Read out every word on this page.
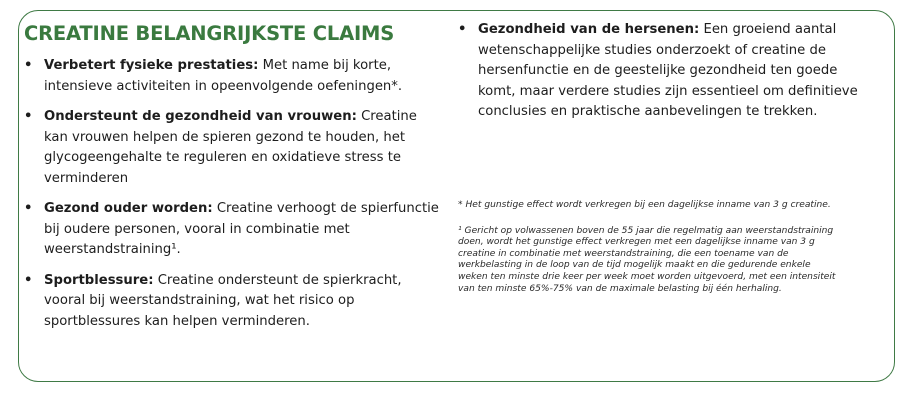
CREATINE BELANGRIJKSTE CLAIMS
• Verbetert fysieke prestaties: Met name bij korte, intensieve activiteiten in opeenvolgende oefeningen*.
• Ondersteunt de gezondheid van vrouwen: Creatine kan vrouwen helpen de spieren gezond te houden, het glycogeengehalte te reguleren en oxidatieve stress te verminderen
• Gezond ouder worden: Creatine verhoogt de spierfunctie bij oudere personen, vooral in combinatie met weerstandstraining¹.
• Sportblessure: Creatine ondersteunt de spierkracht, vooral bij weerstandstraining, wat het risico op sportblessures kan helpen verminderen.
• Gezondheid van de hersenen: Een groeiend aantal wetenschappelijke studies onderzoekt of creatine de hersenfunctie en de geestelijke gezondheid ten goede komt, maar verdere studies zijn essentieel om definitieve conclusies en praktische aanbevelingen te trekken.

* Het gunstige effect wordt verkregen bij een dagelijkse inname van 3 g creatine.

¹ Gericht op volwassenen boven de 55 jaar die regelmatig aan weerstandstraining doen, wordt het gunstige effect verkregen met een dagelijkse inname van 3 g creatine in combinatie met weerstandstraining, die een toename van de werkbelasting in de loop van de tijd mogelijk maakt en die gedurende enkele weken ten minste drie keer per week moet worden uitgevoerd, met een intensiteit van ten minste 65%-75% van de maximale belasting bij één herhaling.
